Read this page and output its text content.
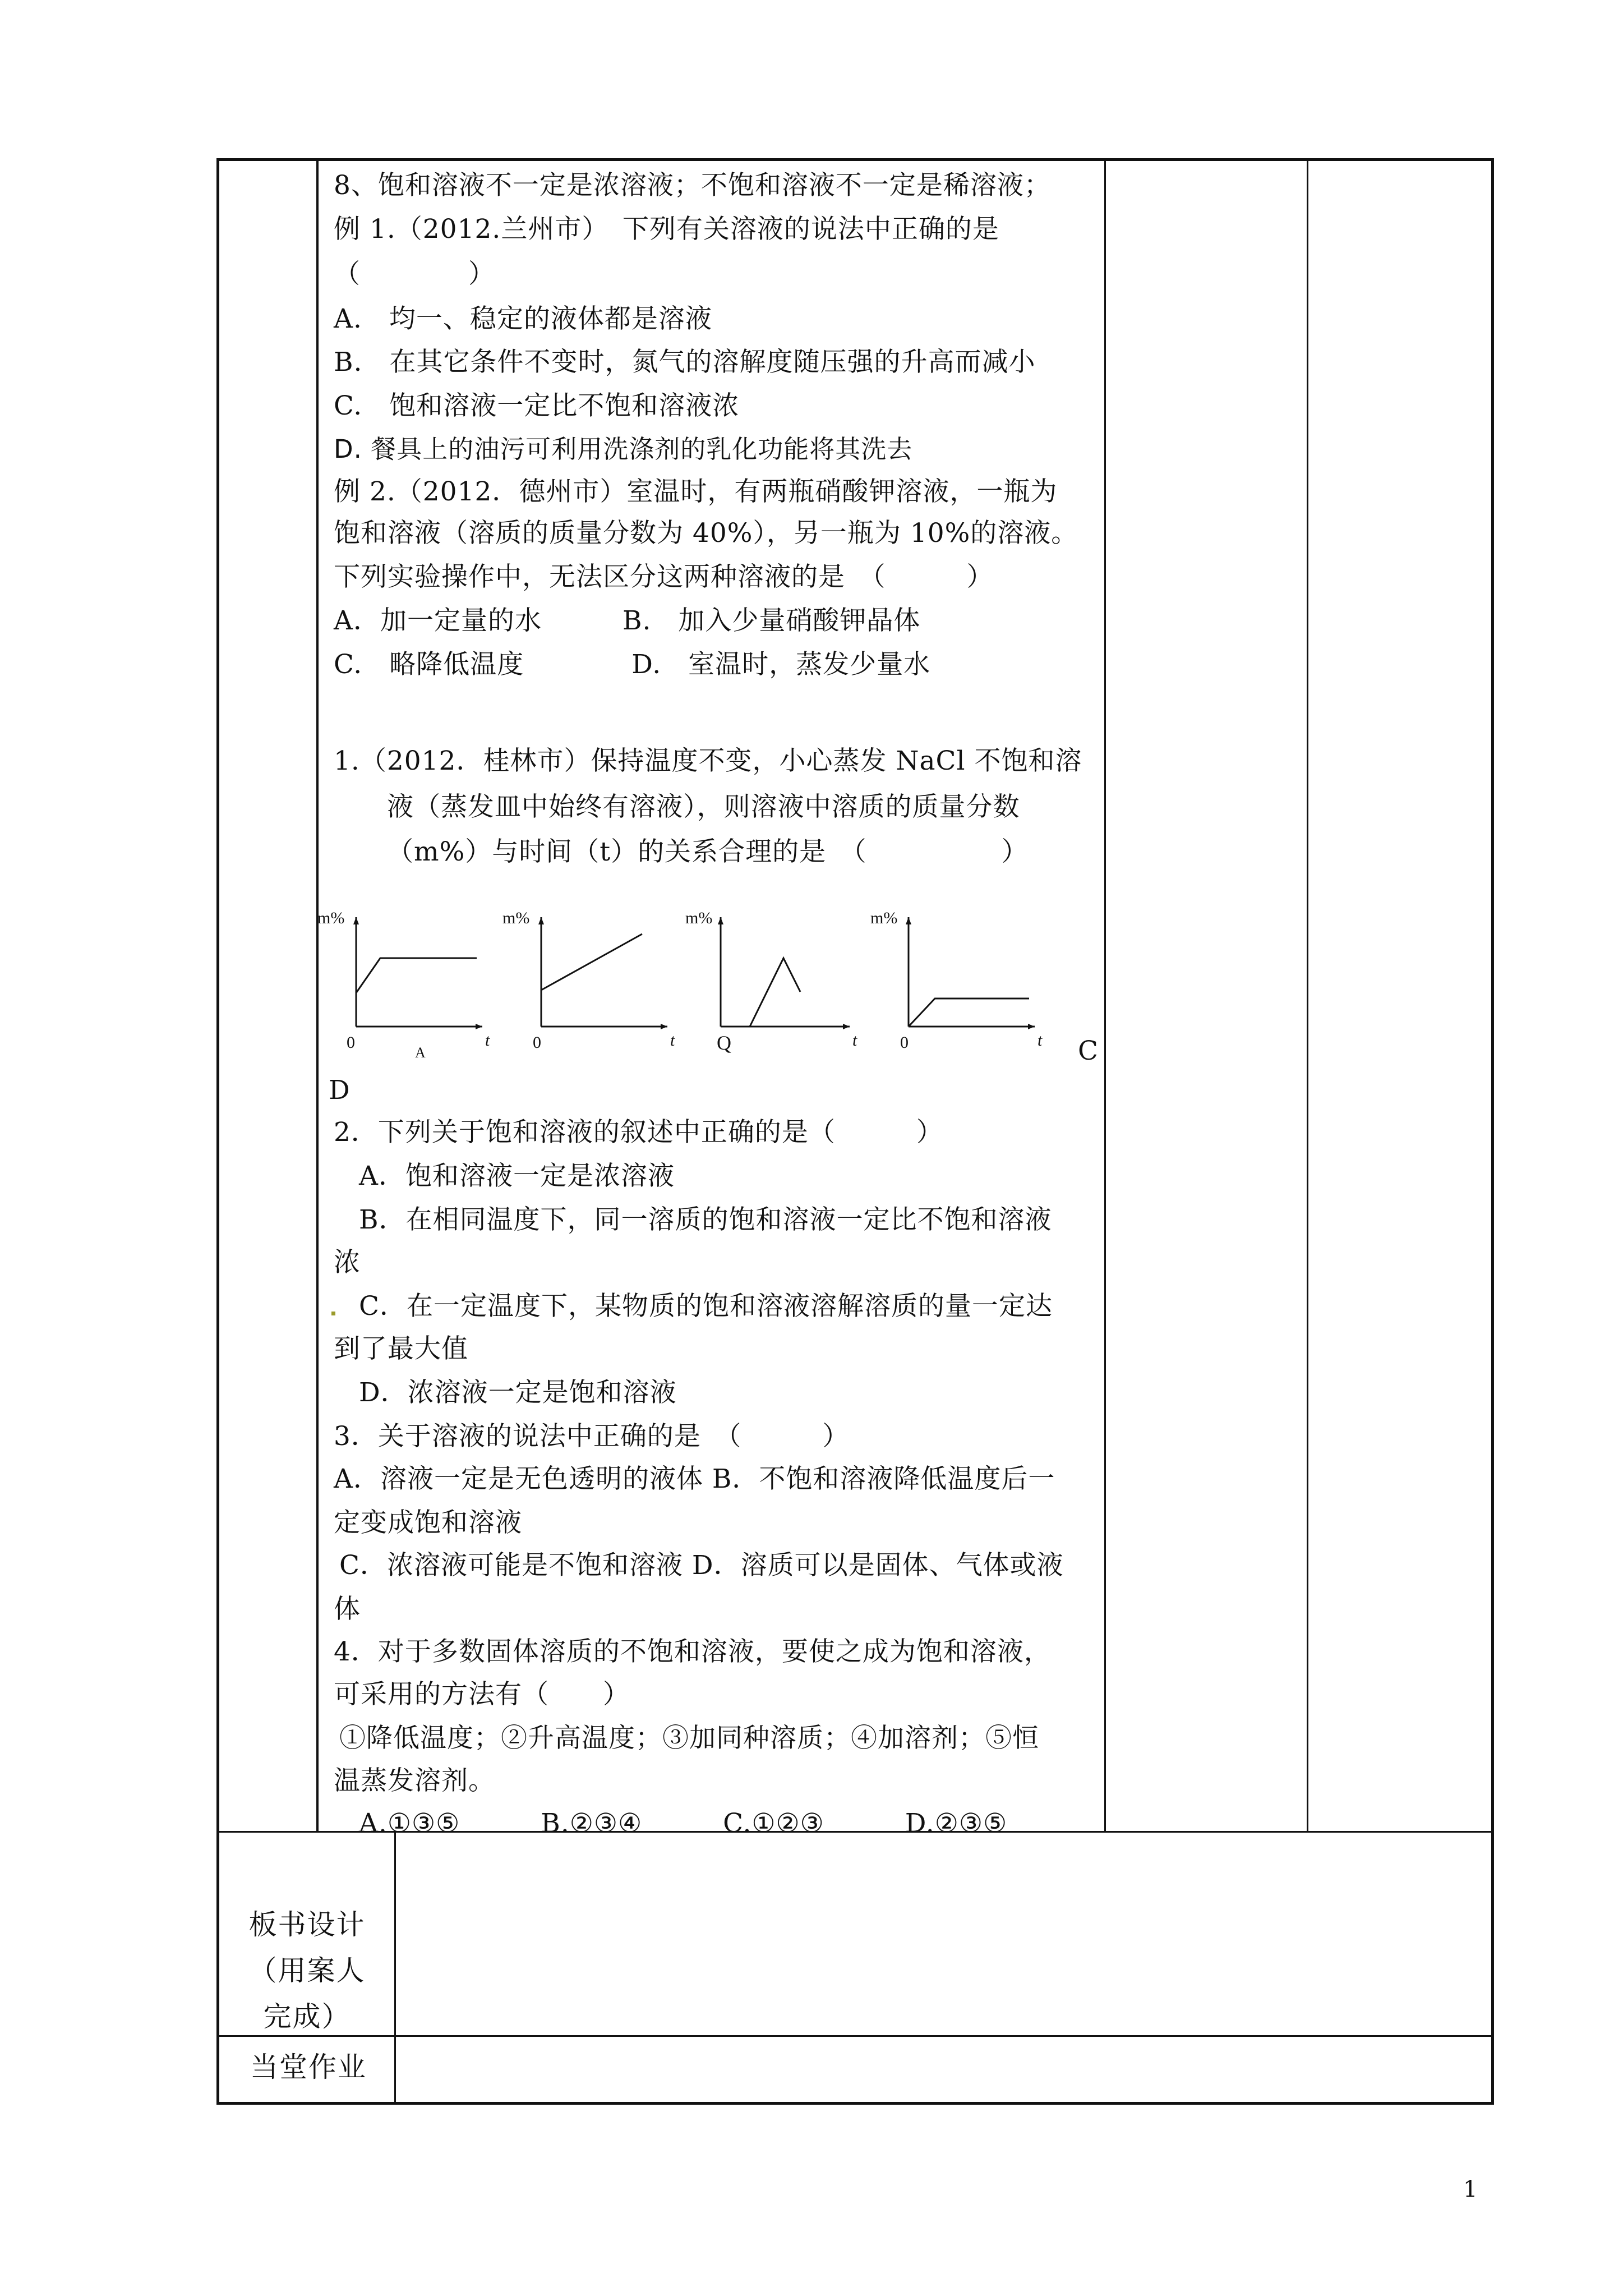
8、饱和溶液不一定是浓溶液；不饱和溶液不一定是稀溶液；
例 1.（2012.兰州市）　下列有关溶液的说法中正确的是
（　　　　）
A.　均一、稳定的液体都是溶液
B.　在其它条件不变时，氮气的溶解度随压强的升高而减小
C.　饱和溶液一定比不饱和溶液浓
D. 餐具上的油污可利用洗涤剂的乳化功能将其洗去
例 2.（2012．德州市）室温时，有两瓶硝酸钾溶液，一瓶为
饱和溶液（溶质的质量分数为 40%），另一瓶为 10%的溶液。
下列实验操作中，无法区分这两种溶液的是　（　　　）
A．加一定量的水　　　B.　加入少量硝酸钾晶体
C.　略降低温度　　　　D.　室温时，蒸发少量水
1.（2012．桂林市）保持温度不变，小心蒸发 NaCl 不饱和溶
液（蒸发皿中始终有溶液），则溶液中溶质的质量分数
（m%）与时间（t）的关系合理的是　（　　　　　）
m%	m%	m%	m%
0	0	Q	0
t	t	t	t
A	C
D
2．下列关于饱和溶液的叙述中正确的是（　　　）
A．饱和溶液一定是浓溶液
B．在相同温度下，同一溶质的饱和溶液一定比不饱和溶液
浓
C．在一定温度下，某物质的饱和溶液溶解溶质的量一定达
到了最大值
D．浓溶液一定是饱和溶液
3．关于溶液的说法中正确的是　（　　　）
A．溶液一定是无色透明的液体 B．不饱和溶液降低温度后一
定变成饱和溶液
C．浓溶液可能是不饱和溶液 D．溶质可以是固体、气体或液
体
4．对于多数固体溶质的不饱和溶液，要使之成为饱和溶液，
可采用的方法有（　　）
①降低温度；②升高温度；③加同种溶质；④加溶剂；⑤恒
温蒸发溶剂。
A.①③⑤　　　B.②③④　　　C.①②③　　　D.②③⑤
板书设计（用案人完成）
当堂作业
1
